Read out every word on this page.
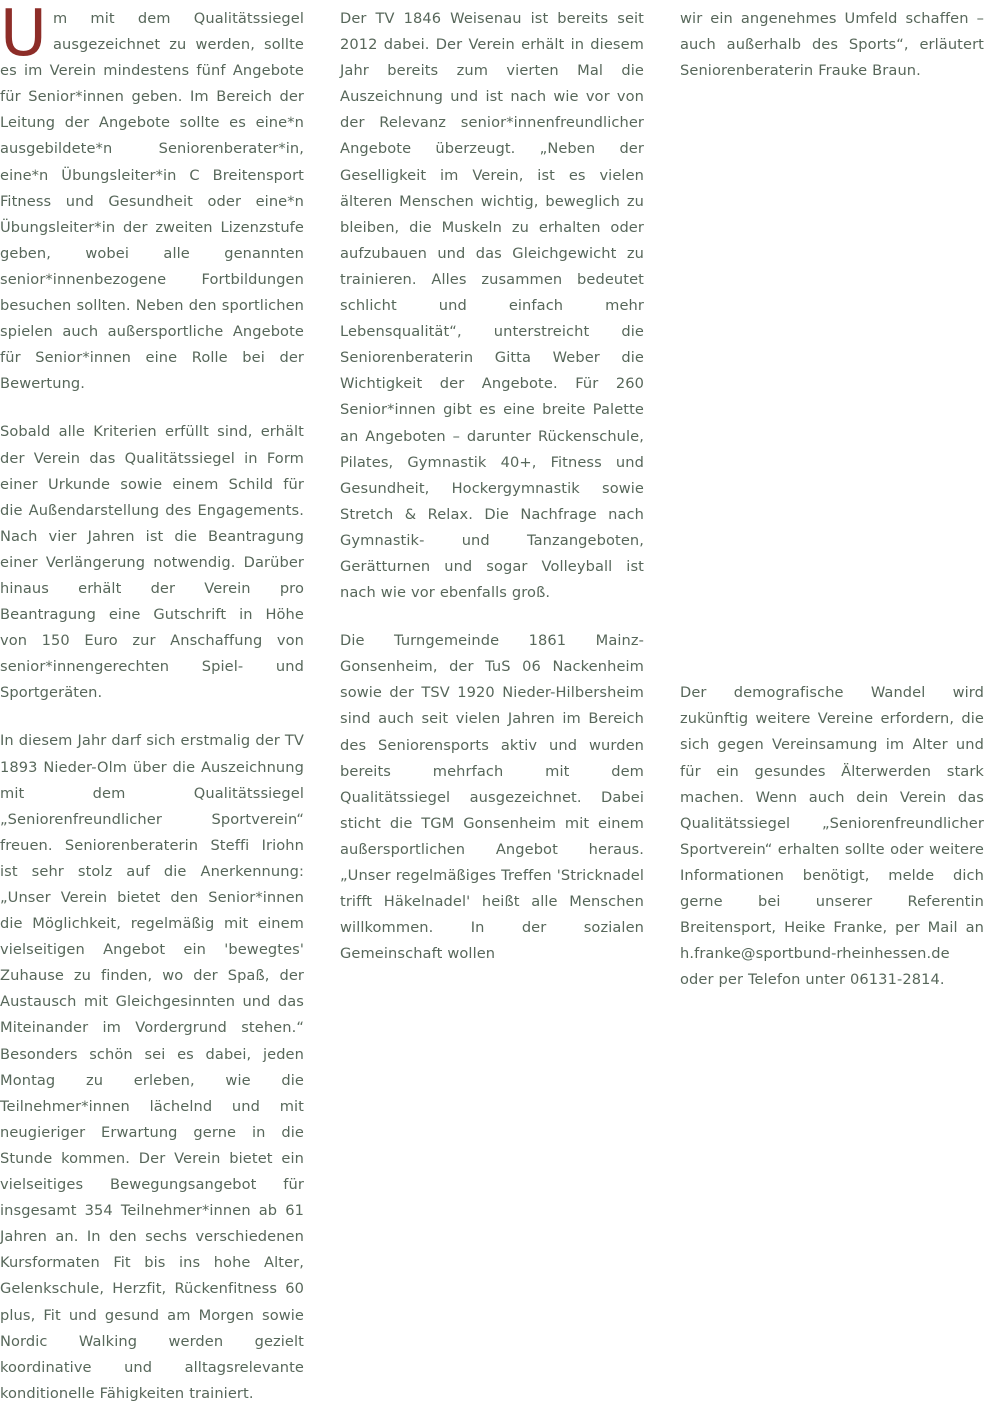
Um mit dem Qualitätssiegel ausgezeichnet zu werden, sollte es im Verein mindestens fünf Angebote für Senior*innen geben. Im Bereich der Leitung der Angebote sollte es eine*n ausgebildete*n Seniorenberater*in, eine*n Übungsleiter*in C Breitensport Fitness und Gesundheit oder eine*n Übungsleiter*in der zweiten Lizenzstufe geben, wobei alle genannten senior*innenbezogene Fortbildungen besuchen sollten. Neben den sportlichen spielen auch außersportliche Angebote für Senior*innen eine Rolle bei der Bewertung.

Sobald alle Kriterien erfüllt sind, erhält der Verein das Qualitätssiegel in Form einer Urkunde sowie einem Schild für die Außendarstellung des Engagements. Nach vier Jahren ist die Beantragung einer Verlängerung notwendig. Darüber hinaus erhält der Verein pro Beantragung eine Gutschrift in Höhe von 150 Euro zur Anschaffung von senior*innengerechten Spiel- und Sportgeräten.

In diesem Jahr darf sich erstmalig der TV 1893 Nieder-Olm über die Auszeichnung mit dem Qualitätssiegel „Seniorenfreundlicher Sportverein“ freuen. Seniorenberaterin Steffi Iriohn ist sehr stolz auf die Anerkennung: „Unser Verein bietet den Senior*innen die Möglichkeit, regelmäßig mit einem vielseitigen Angebot ein 'bewegtes' Zuhause zu finden, wo der Spaß, der Austausch mit Gleichgesinnten und das Miteinander im Vordergrund stehen.“ Besonders schön sei es dabei, jeden Montag zu erleben, wie die Teilnehmer*innen lächelnd und mit neugieriger Erwartung gerne in die Stunde kommen. Der Verein bietet ein vielseitiges Bewegungsangebot für insgesamt 354 Teilnehmer*innen ab 61 Jahren an. In den sechs verschiedenen Kursformaten Fit bis ins hohe Alter, Gelenkschule, Herzfit, Rückenfitness 60 plus, Fit und gesund am Morgen sowie Nordic Walking werden gezielt koordinative und alltagsrelevante konditionelle Fähigkeiten trainiert.

Der TV 1846 Weisenau ist bereits seit 2012 dabei. Der Verein erhält in diesem Jahr bereits zum vierten Mal die Auszeichnung und ist nach wie vor von der Relevanz senior*innenfreundlicher Angebote überzeugt. „Neben der Geselligkeit im Verein, ist es vielen älteren Menschen wichtig, beweglich zu bleiben, die Muskeln zu erhalten oder aufzubauen und das Gleichgewicht zu trainieren. Alles zusammen bedeutet schlicht und einfach mehr Lebensqualität“, unterstreicht die Seniorenberaterin Gitta Weber die Wichtigkeit der Angebote. Für 260 Senior*innen gibt es eine breite Palette an Angeboten – darunter Rückenschule, Pilates, Gymnastik 40+, Fitness und Gesundheit, Hockergymnastik sowie Stretch & Relax. Die Nachfrage nach Gymnastik- und Tanzangeboten, Gerätturnen und sogar Volleyball ist nach wie vor ebenfalls groß.

Die Turngemeinde 1861 Mainz-Gonsenheim, der TuS 06 Nackenheim sowie der TSV 1920 Nieder-Hilbersheim sind auch seit vielen Jahren im Bereich des Seniorensports aktiv und wurden bereits mehrfach mit dem Qualitätssiegel ausgezeichnet. Dabei sticht die TGM Gonsenheim mit einem außersportlichen Angebot heraus. „Unser regelmäßiges Treffen 'Stricknadel trifft Häkelnadel' heißt alle Menschen willkommen. In der sozialen Gemeinschaft wollen

wir ein angenehmes Umfeld schaffen – auch außerhalb des Sports“, erläutert Seniorenberaterin Frauke Braun.

Der demografische Wandel wird zukünftig weitere Vereine erfordern, die sich gegen Vereinsamung im Alter und für ein gesundes Älterwerden stark machen. Wenn auch dein Verein das Qualitätssiegel „Seniorenfreundlicher Sportverein“ erhalten sollte oder weitere Informationen benötigt, melde dich gerne bei unserer Referentin Breitensport, Heike Franke, per Mail an h.franke@sportbund-rheinhessen.de oder per Telefon unter 06131-2814.
